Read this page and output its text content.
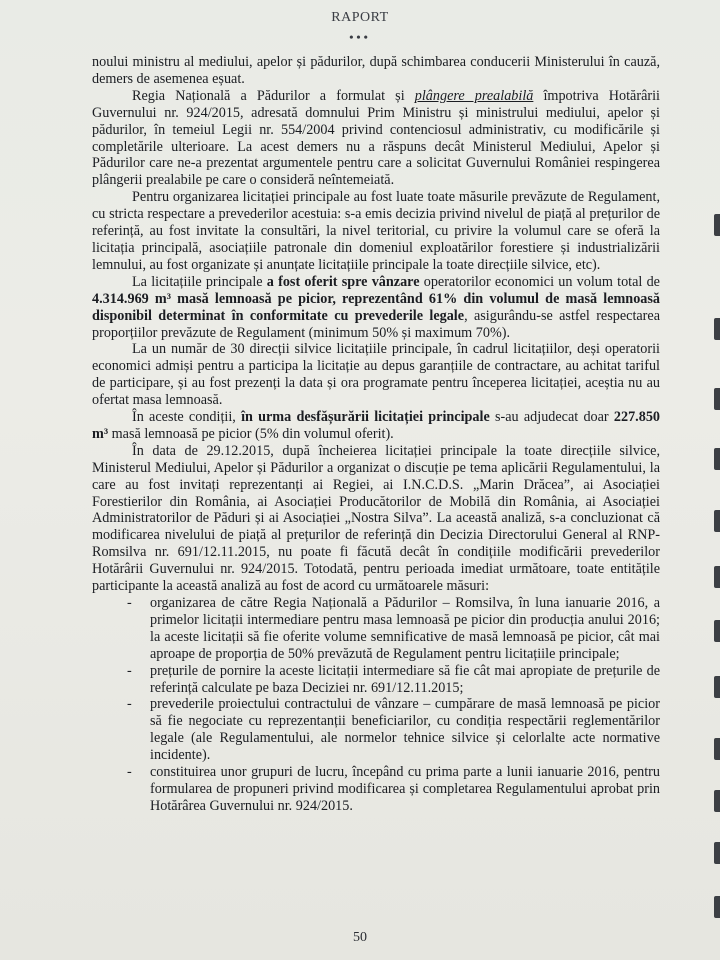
RAPORT
•••

noului ministru al mediului, apelor și pădurilor, după schimbarea conducerii Ministerului în cauză, demers de asemenea eșuat.

Regia Națională a Pădurilor a formulat și plângere prealabilă împotriva Hotărârii Guvernului nr. 924/2015, adresată domnului Prim Ministru și ministrului mediului, apelor și pădurilor, în temeiul Legii nr. 554/2004 privind contenciosul administrativ, cu modificările și completările ulterioare. La acest demers nu a răspuns decât Ministerul Mediului, Apelor și Pădurilor care ne-a prezentat argumentele pentru care a solicitat Guvernului României respingerea plângerii prealabile pe care o consideră neîntemeiată.

Pentru organizarea licitației principale au fost luate toate măsurile prevăzute de Regulament, cu stricta respectare a prevederilor acestuia: s-a emis decizia privind nivelul de piață al prețurilor de referință, au fost invitate la consultări, la nivel teritorial, cu privire la volumul care se oferă la licitația principală, asociațiile patronale din domeniul exploatărilor forestiere și industrializării lemnului, au fost organizate și anunțate licitațiile principale la toate direcțiile silvice, etc).

La licitațiile principale a fost oferit spre vânzare operatorilor economici un volum total de 4.314.969 m³ masă lemnoasă pe picior, reprezentând 61% din volumul de masă lemnoasă disponibil determinat în conformitate cu prevederile legale, asigurându-se astfel respectarea proporțiilor prevăzute de Regulament (minimum 50% și maximum 70%).

La un număr de 30 direcții silvice licitațiile principale, în cadrul licitațiilor, deși operatorii economici admiși pentru a participa la licitație au depus garanțiile de contractare, au achitat tariful de participare, și au fost prezenți la data și ora programate pentru începerea licitației, aceștia nu au ofertat masa lemnoasă.

În aceste condiții, în urma desfășurării licitației principale s-au adjudecat doar 227.850 m³ masă lemnoasă pe picior (5% din volumul oferit).

În data de 29.12.2015, după încheierea licitației principale la toate direcțiile silvice, Ministerul Mediului, Apelor și Pădurilor a organizat o discuție pe tema aplicării Regulamentului, la care au fost invitați reprezentanți ai Regiei, ai I.N.C.D.S. „Marin Drăcea”, ai Asociației Forestierilor din România, ai Asociației Producătorilor de Mobilă din România, ai Asociației Administratorilor de Păduri și ai Asociației „Nostra Silva”. La această analiză, s-a concluzionat că modificarea nivelului de piață al prețurilor de referință din Decizia Directorului General al RNP-Romsilva nr. 691/12.11.2015, nu poate fi făcută decât în condițiile modificării prevederilor Hotărârii Guvernului nr. 924/2015. Totodată, pentru perioada imediat următoare, toate entitățile participante la această analiză au fost de acord cu următoarele măsuri:

- organizarea de către Regia Națională a Pădurilor – Romsilva, în luna ianuarie 2016, a primelor licitații intermediare pentru masa lemnoasă pe picior din producția anului 2016; la aceste licitații să fie oferite volume semnificative de masă lemnoasă pe picior, cât mai aproape de proporția de 50% prevăzută de Regulament pentru licitațiile principale;
- prețurile de pornire la aceste licitații intermediare să fie cât mai apropiate de prețurile de referință calculate pe baza Deciziei nr. 691/12.11.2015;
- prevederile proiectului contractului de vânzare – cumpărare de masă lemnoasă pe picior să fie negociate cu reprezentanții beneficiarilor, cu condiția respectării reglementărilor legale (ale Regulamentului, ale normelor tehnice silvice și celorlalte acte normative incidente).
- constituirea unor grupuri de lucru, începând cu prima parte a lunii ianuarie 2016, pentru formularea de propuneri privind modificarea și completarea Regulamentului aprobat prin Hotărârea Guvernului nr. 924/2015.
50
